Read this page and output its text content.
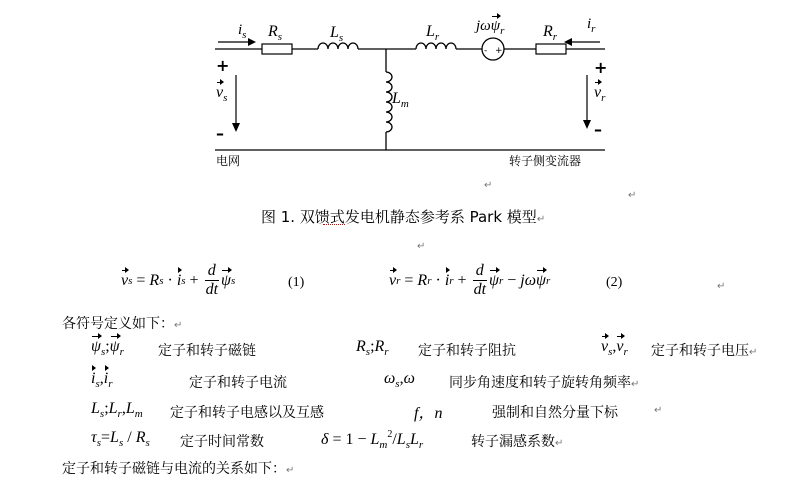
- +
$i_s$ $R_s$	$L_s$	$L_r$
jωψ$_r$ $R_r$
$i_r$
$L_m$
$v_s$	$v_r$
+
–
+
–
电网	转子侧变流器
↵
↵
图 1. 双馈式发电机静态参考系 Park 模型↵
↵
v s = R s · i $s + \frac{d}{dt}$ ψ s	(1)	v r = R r · i $r + \frac{d}{dt}$ ψ r − jω ψ r	(2)	↵
各符号定义如下：↵
$\psi_s;\psi_r$ 定子和转子磁链	$R_s;R_r$ 定子和转子阻抗	$v_s,v_r$ 定子和转子电压↵
$i_s,i_r$	定子和转子电流	$\omega_s,\omega$ 同步角速度和转子旋转角频率↵
$L_s;L_r,L_m$ 定子和转子电感以及互感	f，n	强制和自然分量下标	↵
$\tau_s=L_s / R_s$ 定子时间常数	$\delta = 1 - L_m^2/L_sL_r$	转子漏感系数↵
定子和转子磁链与电流的关系如下：↵
